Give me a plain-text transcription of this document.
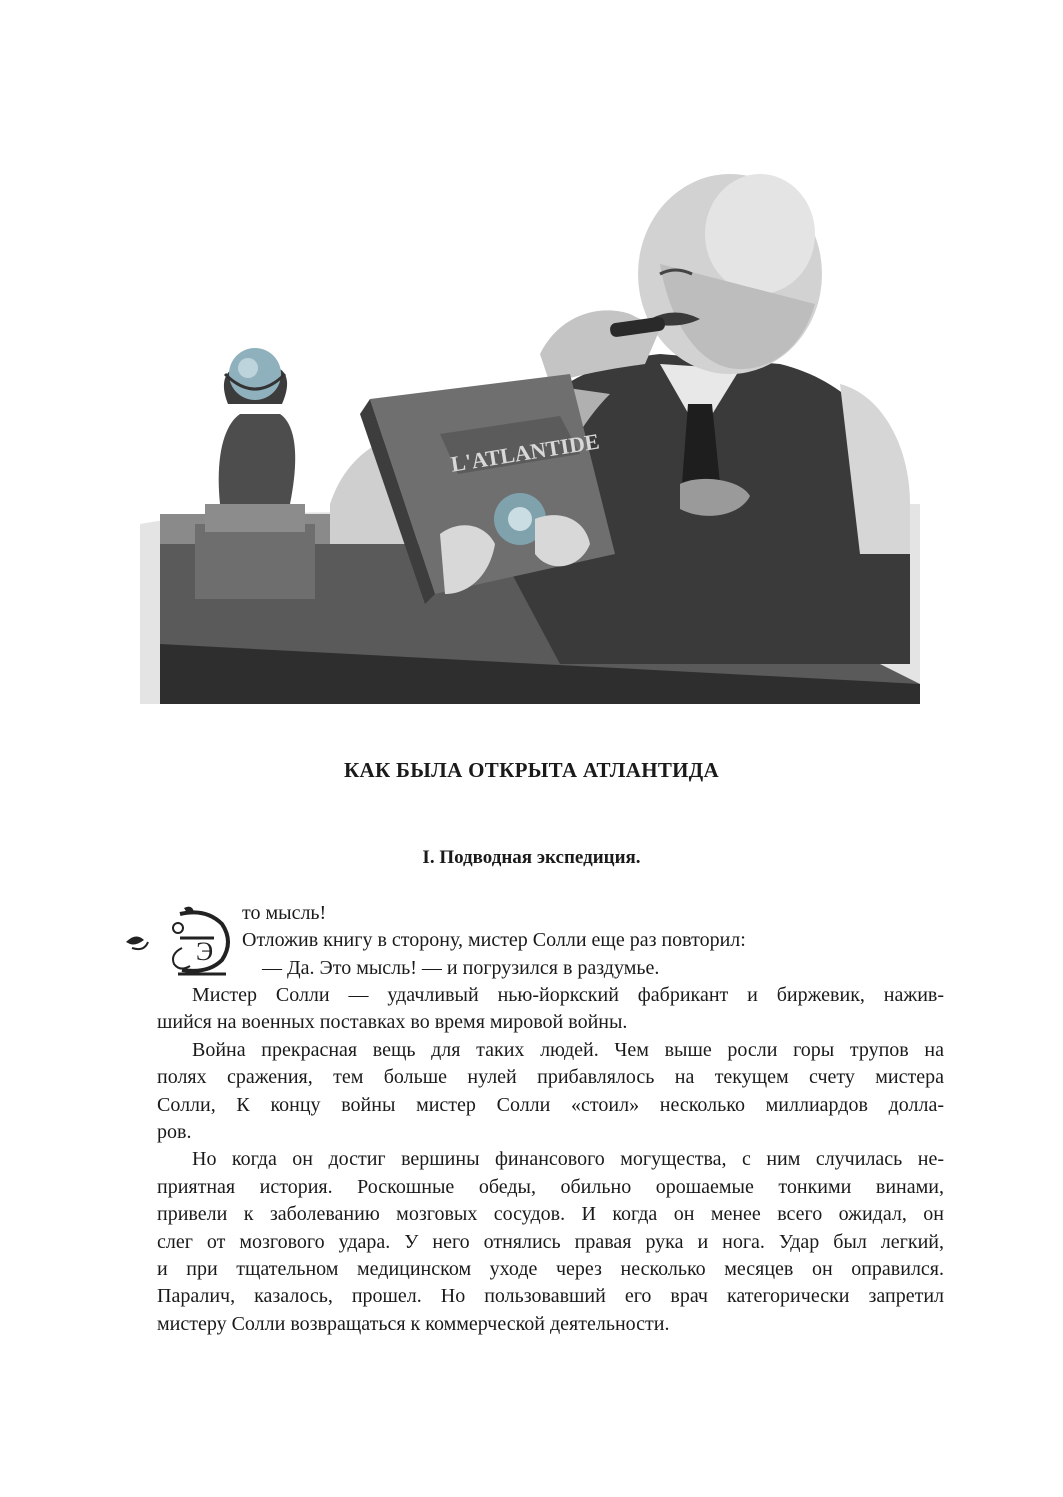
L'ATLANTIDE
КАК БЫЛА ОТКРЫТА АТЛАНТИДА
I. Подводная экспедиция.
Э
то мысль!
Отложив книгу в сторону, мистер Солли еще раз повторил:
— Да. Это мысль! — и погрузился в раздумье.
Мистер Солли — удачливый нью-йоркский фабрикант и биржевик, нажив-
шийся на военных поставках во время мировой войны.
Война прекрасная вещь для таких людей. Чем выше росли горы трупов на
полях сражения, тем больше нулей прибавлялось на текущем счету мистера
Солли, К концу войны мистер Солли «стоил» несколько миллиардов долла-
ров.
Но когда он достиг вершины финансового могущества, с ним случилась не-
приятная история. Роскошные обеды, обильно орошаемые тонкими винами,
привели к заболеванию мозговых сосудов. И когда он менее всего ожидал, он
слег от мозгового удара. У него отнялись правая рука и нога. Удар был легкий,
и при тщательном медицинском уходе через несколько месяцев он оправился.
Паралич, казалось, прошел. Но пользовавший его врач категорически запретил
мистеру Солли возвращаться к коммерческой деятельности.
